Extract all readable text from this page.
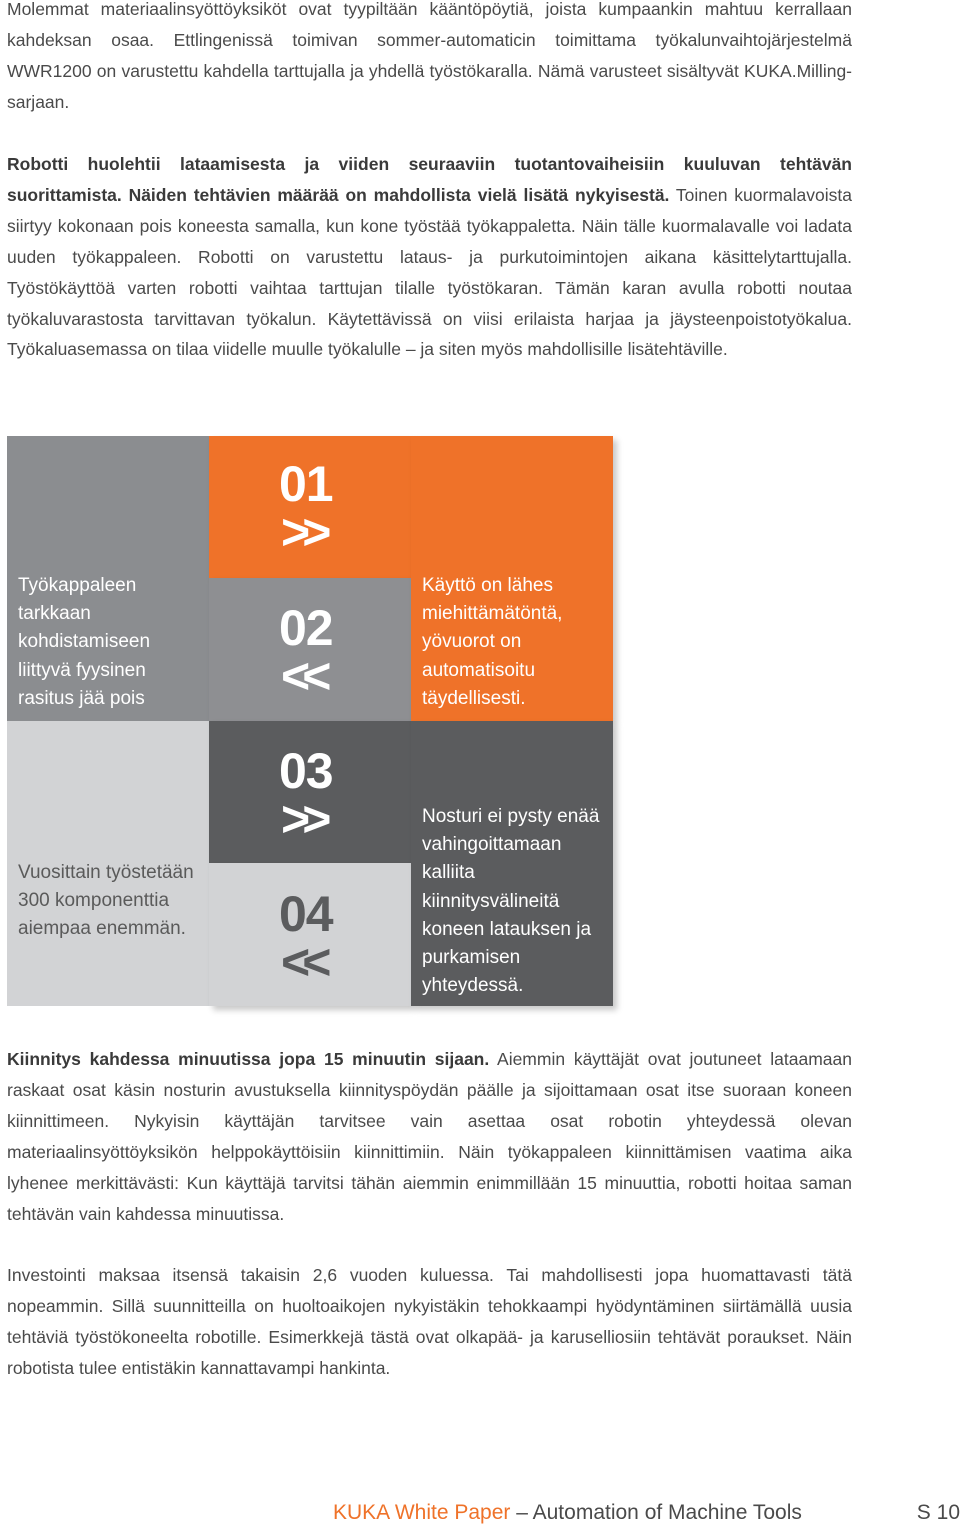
Molemmat materiaalinsyöttöyksiköt ovat tyypiltään kääntöpöytiä, joista kumpaankin mahtuu kerrallaan kahdeksan osaa. Ettlingenissä toimivan sommer-automaticin toimittama työkalunvaihtojärjestelmä WWR1200 on varustettu kahdella tarttujalla ja yhdellä työstökaralla. Nämä varusteet sisältyvät KUKA.Milling-sarjaan.

Robotti huolehtii lataamisesta ja viiden seuraaviin tuotantovaiheisiin kuuluvan tehtävän suorittamista. Näiden tehtävien määrää on mahdollista vielä lisätä nykyisestä. Toinen kuormalavoista siirtyy kokonaan pois koneesta samalla, kun kone työstää työkappaletta. Näin tälle kuormalavalle voi ladata uuden työkappaleen. Robotti on varustettu lataus- ja purkutoimintojen aikana käsittelytarttujalla. Työstökäyttöä varten robotti vaihtaa tarttujan tilalle työstökaran. Tämän karan avulla robotti noutaa työkaluvarastosta tarvittavan työkalun. Käytettävissä on viisi erilaista harjaa ja jäysteenpoistotyökalua. Työkaluasemassa on tilaa viidelle muulle työkalulle – ja siten myös mahdollisille lisätehtäville.

Työkappaleen tarkkaan kohdistamiseen liittyvä fyysinen rasitus jää pois

Vuosittain työstetään 300 komponenttia aiempaa enemmän.

01
>>
02
<<
03
>>
04
<<

Käyttö on lähes miehittämätöntä, yövuorot on automatisoitu täydellisesti.

Nosturi ei pysty enää vahingoittamaan kalliita kiinnitysvälineitä koneen latauksen ja purkamisen yhteydessä.

Kiinnitys kahdessa minuutissa jopa 15 minuutin sijaan. Aiemmin käyttäjät ovat joutuneet lataamaan raskaat osat käsin nosturin avustuksella kiinnityspöydän päälle ja sijoittamaan osat itse suoraan koneen kiinnittimeen. Nykyisin käyttäjän tarvitsee vain asettaa osat robotin yhteydessä olevan materiaalinsyöttöyksikön helppokäyttöisiin kiinnittimiin. Näin työkappaleen kiinnittämisen vaatima aika lyhenee merkittävästi: Kun käyttäjä tarvitsi tähän aiemmin enimmillään 15 minuuttia, robotti hoitaa saman tehtävän vain kahdessa minuutissa.

Investointi maksaa itsensä takaisin 2,6 vuoden kuluessa. Tai mahdollisesti jopa huomattavasti tätä nopeammin. Sillä suunnitteilla on huoltoaikojen nykyistäkin tehokkaampi hyödyntäminen siirtämällä uusia tehtäviä työstökoneelta robotille. Esimerkkejä tästä ovat olkapää- ja karuselliosiin tehtävät poraukset. Näin robotista tulee entistäkin kannattavampi hankinta.

KUKA White Paper – Automation of Machine Tools	S 10
